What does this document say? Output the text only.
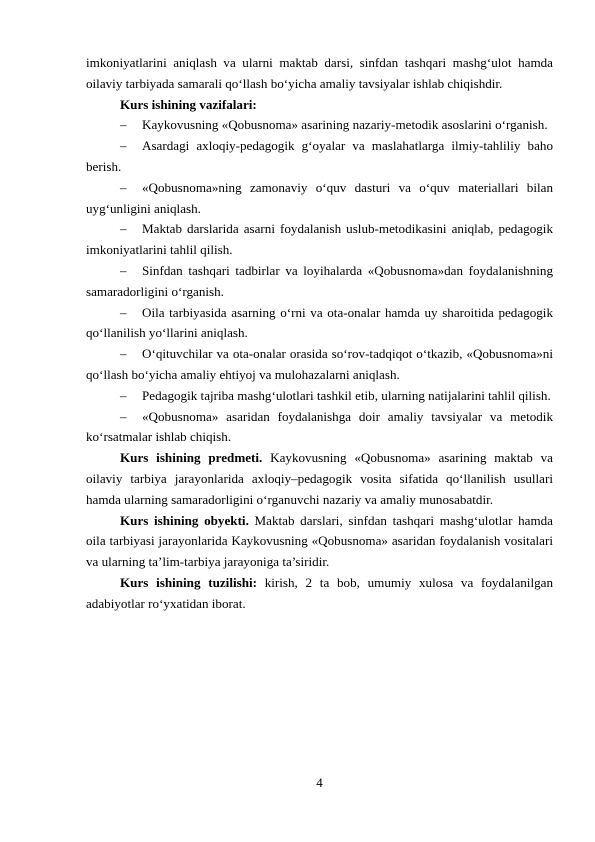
imkoniyatlarini aniqlash va ularni maktab darsi, sinfdan tashqari mashg‘ulot hamda oilaviy tarbiyada samarali qo‘llash bo‘yicha amaliy tavsiyalar ishlab chiqishdir.

Kurs ishining vazifalari:

– Kaykovusning «Qobusnoma» asarining nazariy-metodik asoslarini o‘rganish.

– Asardagi axloqiy-pedagogik g‘oyalar va maslahatlarga ilmiy-tahliliy baho berish.

– «Qobusnoma»ning zamonaviy o‘quv dasturi va o‘quv materiallari bilan uyg‘unligini aniqlash.

– Maktab darslarida asarni foydalanish uslub-metodikasini aniqlab, pedagogik imkoniyatlarini tahlil qilish.

– Sinfdan tashqari tadbirlar va loyihalarda «Qobusnoma»dan foydalanishning samaradorligini o‘rganish.

– Oila tarbiyasida asarning o‘rni va ota-onalar hamda uy sharoitida pedagogik qo‘llanilish yo‘llarini aniqlash.

– O‘qituvchilar va ota-onalar orasida so‘rov-tadqiqot o‘tkazib, «Qobusnoma»ni qo‘llash bo‘yicha amaliy ehtiyoj va mulohazalarni aniqlash.

– Pedagogik tajriba mashg‘ulotlari tashkil etib, ularning natijalarini tahlil qilish.

– «Qobusnoma» asaridan foydalanishga doir amaliy tavsiyalar va metodik ko‘rsatmalar ishlab chiqish.

Kurs ishining predmeti. Kaykovusning «Qobusnoma» asarining maktab va oilaviy tarbiya jarayonlarida axloqiy–pedagogik vosita sifatida qo‘llanilish usullari hamda ularning samaradorligini o‘rganuvchi nazariy va amaliy munosabatdir.

Kurs ishining obyekti. Maktab darslari, sinfdan tashqari mashg‘ulotlar hamda oila tarbiyasi jarayonlarida Kaykovusning «Qobusnoma» asaridan foydalanish vositalari va ularning ta’lim-tarbiya jarayoniga ta’siridir.

Kurs ishining tuzilishi: kirish, 2 ta bob, umumiy xulosa va foydalanilgan adabiyotlar ro‘yxatidan iborat.

4
